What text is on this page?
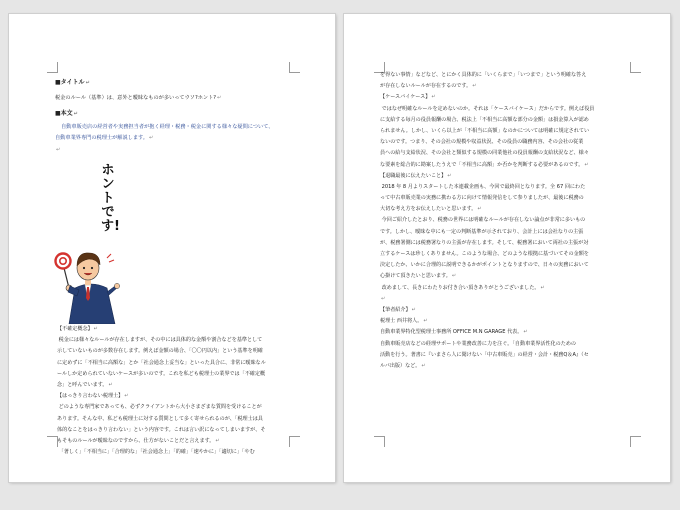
■タイトル↵
税金のルール（基準）は、意外と曖昧なものが多いってウソ?ホント?↵
■本文↵
自動車販売店の経営者や実務担当者が抱く経理・税務・税金に関する様々な疑問について、
自動車業界専門の税理士が解説します。↵
↵
ホントです!
【不確定概念】↵
税金には様々なルールが存在しますが、その中には具体的な金額や割合などを基準として
示していないものが多数存在します。例えば金額の場合、「〇〇円以内」という基準を明確
に定めずに「不相当に高額な」とか「社会通念上妥当な」といった具合に、非常に曖昧なル
ールしか定められていないケースが多いのです。これを私ども税理士の業界では「不確定概
念」と呼んでいます。↵
【はっきり言わない税理士】↵
どのような専門家であっても、必ずクライアントから大小さまざまな質問を受けることが
あります。そんな中、私ども税理士に対する質問として多く寄せられるのが、「税理士は具
体的なことをはっきり言わない」という内容です。これは言い訳になってしまいますが、そ
もそものルールが曖昧なのですから、仕方がないことだと言えます。↵
「著しく」「不相当に」「合理的な」「社会通念上」「的確」「速やかに」「適切に」「やむ
を得ない事情」などなど、とにかく具体的に「いくらまで」「いつまで」という明確な答え
が存在しないルールが存在するのです。↵
【ケースバイケース】↵
ではなぜ明確なルールを定めないのか。それは「ケースバイケース」だからです。例えば役員
に支給する毎月の役員報酬の場合、税法上「不相当に高額な部分の金額」は損金算入が認め
られません。しかし、いくら以上が「不相当に高額」なのかについては明確に規定されてい
ないのです。つまり、その会社の規模や収益状況、その役員の職務内容、その会社の従業
員への給与支給状況、その会社と類似する規模の同業他社の役員報酬の支給状況など、様々
な要素を総合的に勘案したうえで「不相当に高額」か否かを判断する必要があるのです。↵
【退職最後に伝えたいこと】↵
2018 年 8 月よりスタートした本連載企画も、今回で最終回となります。全 67 回にわた
って中古車販売業の実務に携わる方に向けて情報発信をして参りましたが、最後に税務の
大切な考え方をお伝えしたいと思います。↵
今回ご紹介したとおり、税務の世界には明確なルールが存在しない論点が非常に多いもの
です。しかし、曖昧な中にも一定の判断基準が示されており、会計上には会社なりの主張
が、税務署側には税務署なりの主張が存在します。そして、税務署において両社の主張が対
立するケースは珍しくありません。このような場合、どのような根拠に基づいてその金額を
決定したか、いかに合理的に説明できるかがポイントとなりますので、日々の実務において
心掛けて頂きたいと思います。↵
改めまして、長きにわたりお付き合い頂きありがとうございました。↵
↵
【筆者紹介】↵
税理士 西井将人。↵
自動車業界特化型税理士事務所 OFFICE M.N GARAGE 代表。↵
自動車販売店などの経理サポートや業務改善に力を注ぐ。「自動車業界活性化のための
活動を行う。著書に『いまさら人に聞けない「中古車販売」の経営・会計・税務Q＆A』（セ
ルバ出版）など。↵
